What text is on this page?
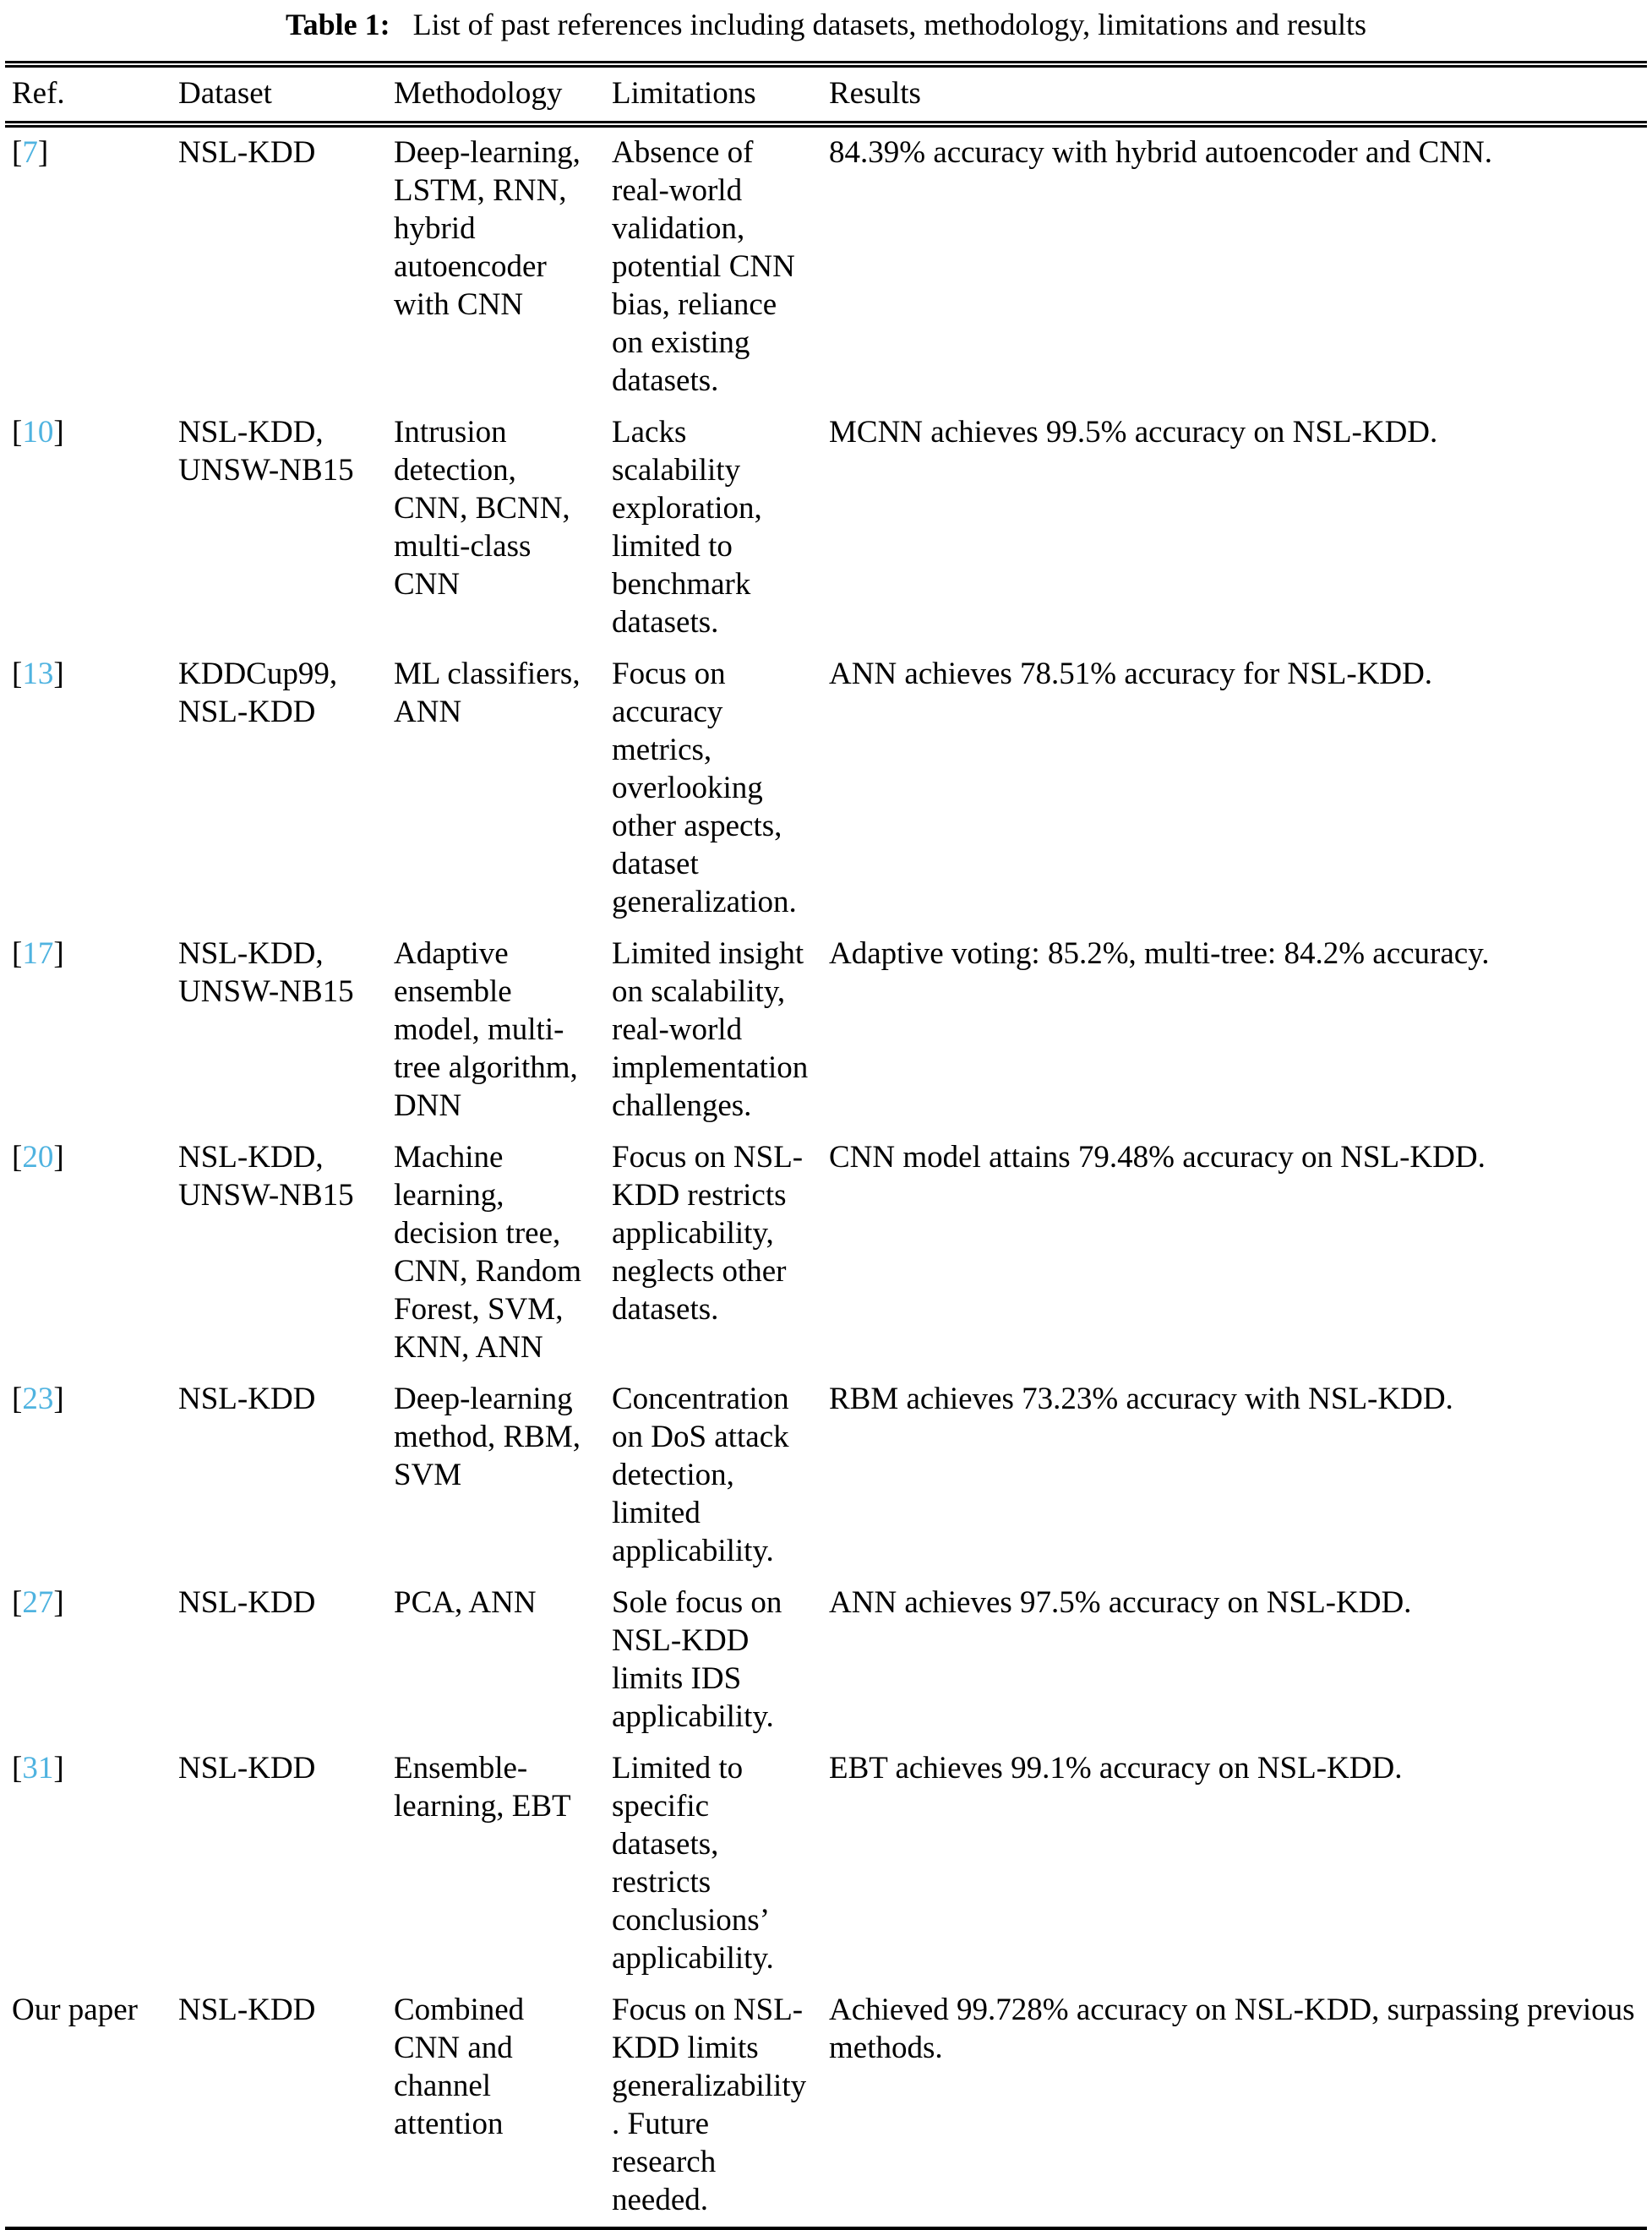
Table 1: List of past references including datasets, methodology, limitations and results
Ref.	Dataset	Methodology	Limitations	Results
[7]	NSL-KDD	Deep-learning, LSTM, RNN, hybrid autoencoder with CNN	Absence of real-world validation, potential CNN bias, reliance on existing datasets.	84.39% accuracy with hybrid autoencoder and CNN.
[10]	NSL-KDD, UNSW-NB15	Intrusion detection, CNN, BCNN, multi-class CNN	Lacks scalability exploration, limited to benchmark datasets.	MCNN achieves 99.5% accuracy on NSL-KDD.
[13]	KDDCup99, NSL-KDD	ML classifiers, ANN	Focus on accuracy metrics, overlooking other aspects, dataset generalization.	ANN achieves 78.51% accuracy for NSL-KDD.
[17]	NSL-KDD, UNSW-NB15	Adaptive ensemble model, multi-tree algorithm, DNN	Limited insight on scalability, real-world implementation challenges.	Adaptive voting: 85.2%, multi-tree: 84.2% accuracy.
[20]	NSL-KDD, UNSW-NB15	Machine learning, decision tree, CNN, Random Forest, SVM, KNN, ANN	Focus on NSL-KDD restricts applicability, neglects other datasets.	CNN model attains 79.48% accuracy on NSL-KDD.
[23]	NSL-KDD	Deep-learning method, RBM, SVM	Concentration on DoS attack detection, limited applicability.	RBM achieves 73.23% accuracy with NSL-KDD.
[27]	NSL-KDD	PCA, ANN	Sole focus on NSL-KDD limits IDS applicability.	ANN achieves 97.5% accuracy on NSL-KDD.
[31]	NSL-KDD	Ensemble-learning, EBT	Limited to specific datasets, restricts conclusions’ applicability.	EBT achieves 99.1% accuracy on NSL-KDD.
Our paper	NSL-KDD	Combined CNN and channel attention	Focus on NSL-KDD limits generalizability. Future research needed.	Achieved 99.728% accuracy on NSL-KDD, surpassing previous methods.
